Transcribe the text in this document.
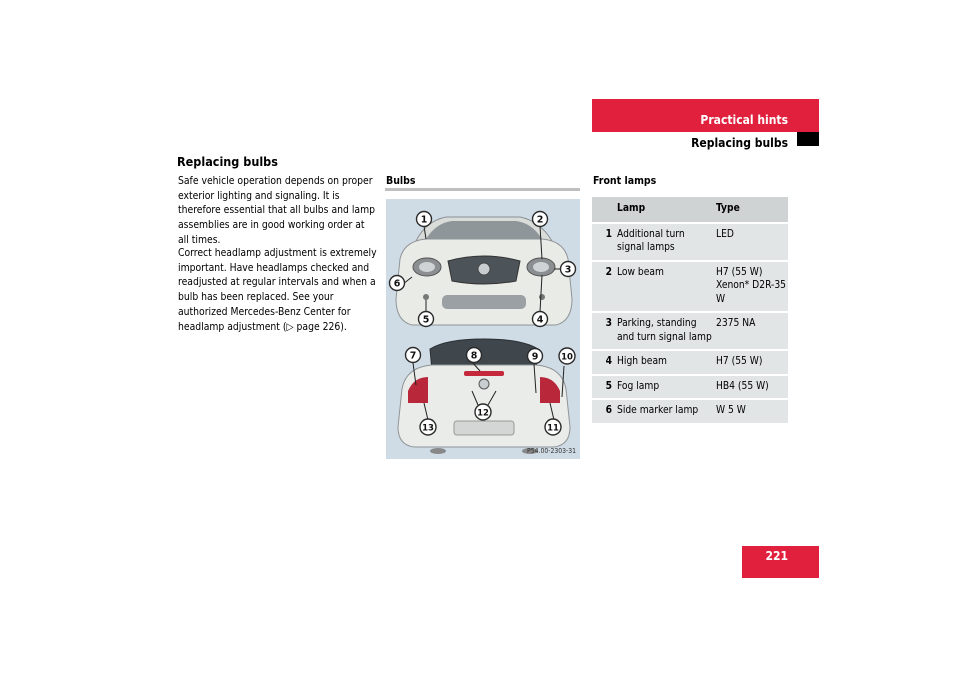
Practical hints
Replacing bulbs
Replacing bulbs
Safe vehicle operation depends on proper exterior lighting and signaling. It is therefore essential that all bulbs and lamp assemblies are in good working order at all times.
Correct headlamp adjustment is extremely important. Have headlamps checked and readjusted at regular intervals and when a bulb has been replaced. See your authorized Mercedes-Benz Center for headlamp adjustment (▷ page 226).
Bulbs
1	2
3
4
5
6
7	8	9	10
11
12
13
P54.00-2303-31
Front lamps
	Lamp	Type
1	Additional turn signal lamps	LED
2	Low beam	H7 (55 W) Xenon* D2R-35 W
3	Parking, standing and turn signal lamp	2375 NA
4	High beam	H7 (55 W)
5	Fog lamp	HB4 (55 W)
6	Side marker lamp	W 5 W
221
